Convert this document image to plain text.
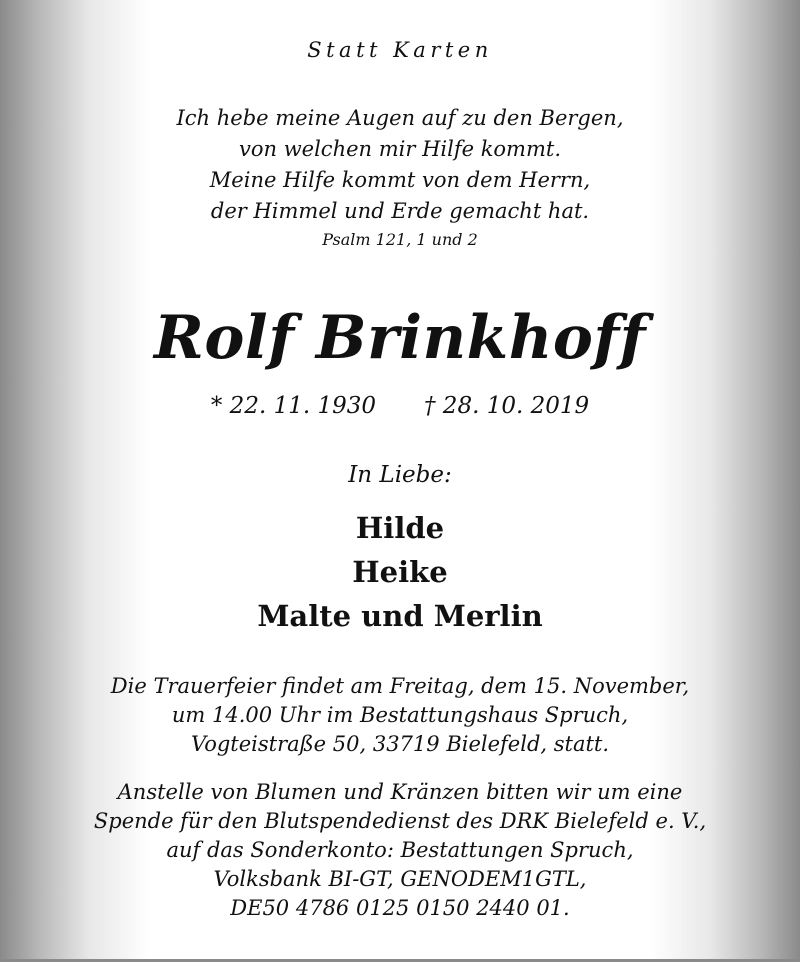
Statt Karten
Ich hebe meine Augen auf zu den Bergen,
von welchen mir Hilfe kommt.
Meine Hilfe kommt von dem Herrn,
der Himmel und Erde gemacht hat.
Psalm 121, 1 und 2
Rolf Brinkhoff
* 22. 11. 1930 † 28. 10. 2019
In Liebe:
Hilde
Heike
Malte und Merlin
Die Trauerfeier findet am Freitag, dem 15. November,
um 14.00 Uhr im Bestattungshaus Spruch,
Vogteistraße 50, 33719 Bielefeld, statt.
Anstelle von Blumen und Kränzen bitten wir um eine
Spende für den Blutspendedienst des DRK Bielefeld e. V.,
auf das Sonderkonto: Bestattungen Spruch,
Volksbank BI-GT, GENODEM1GTL,
DE50 4786 0125 0150 2440 01.
